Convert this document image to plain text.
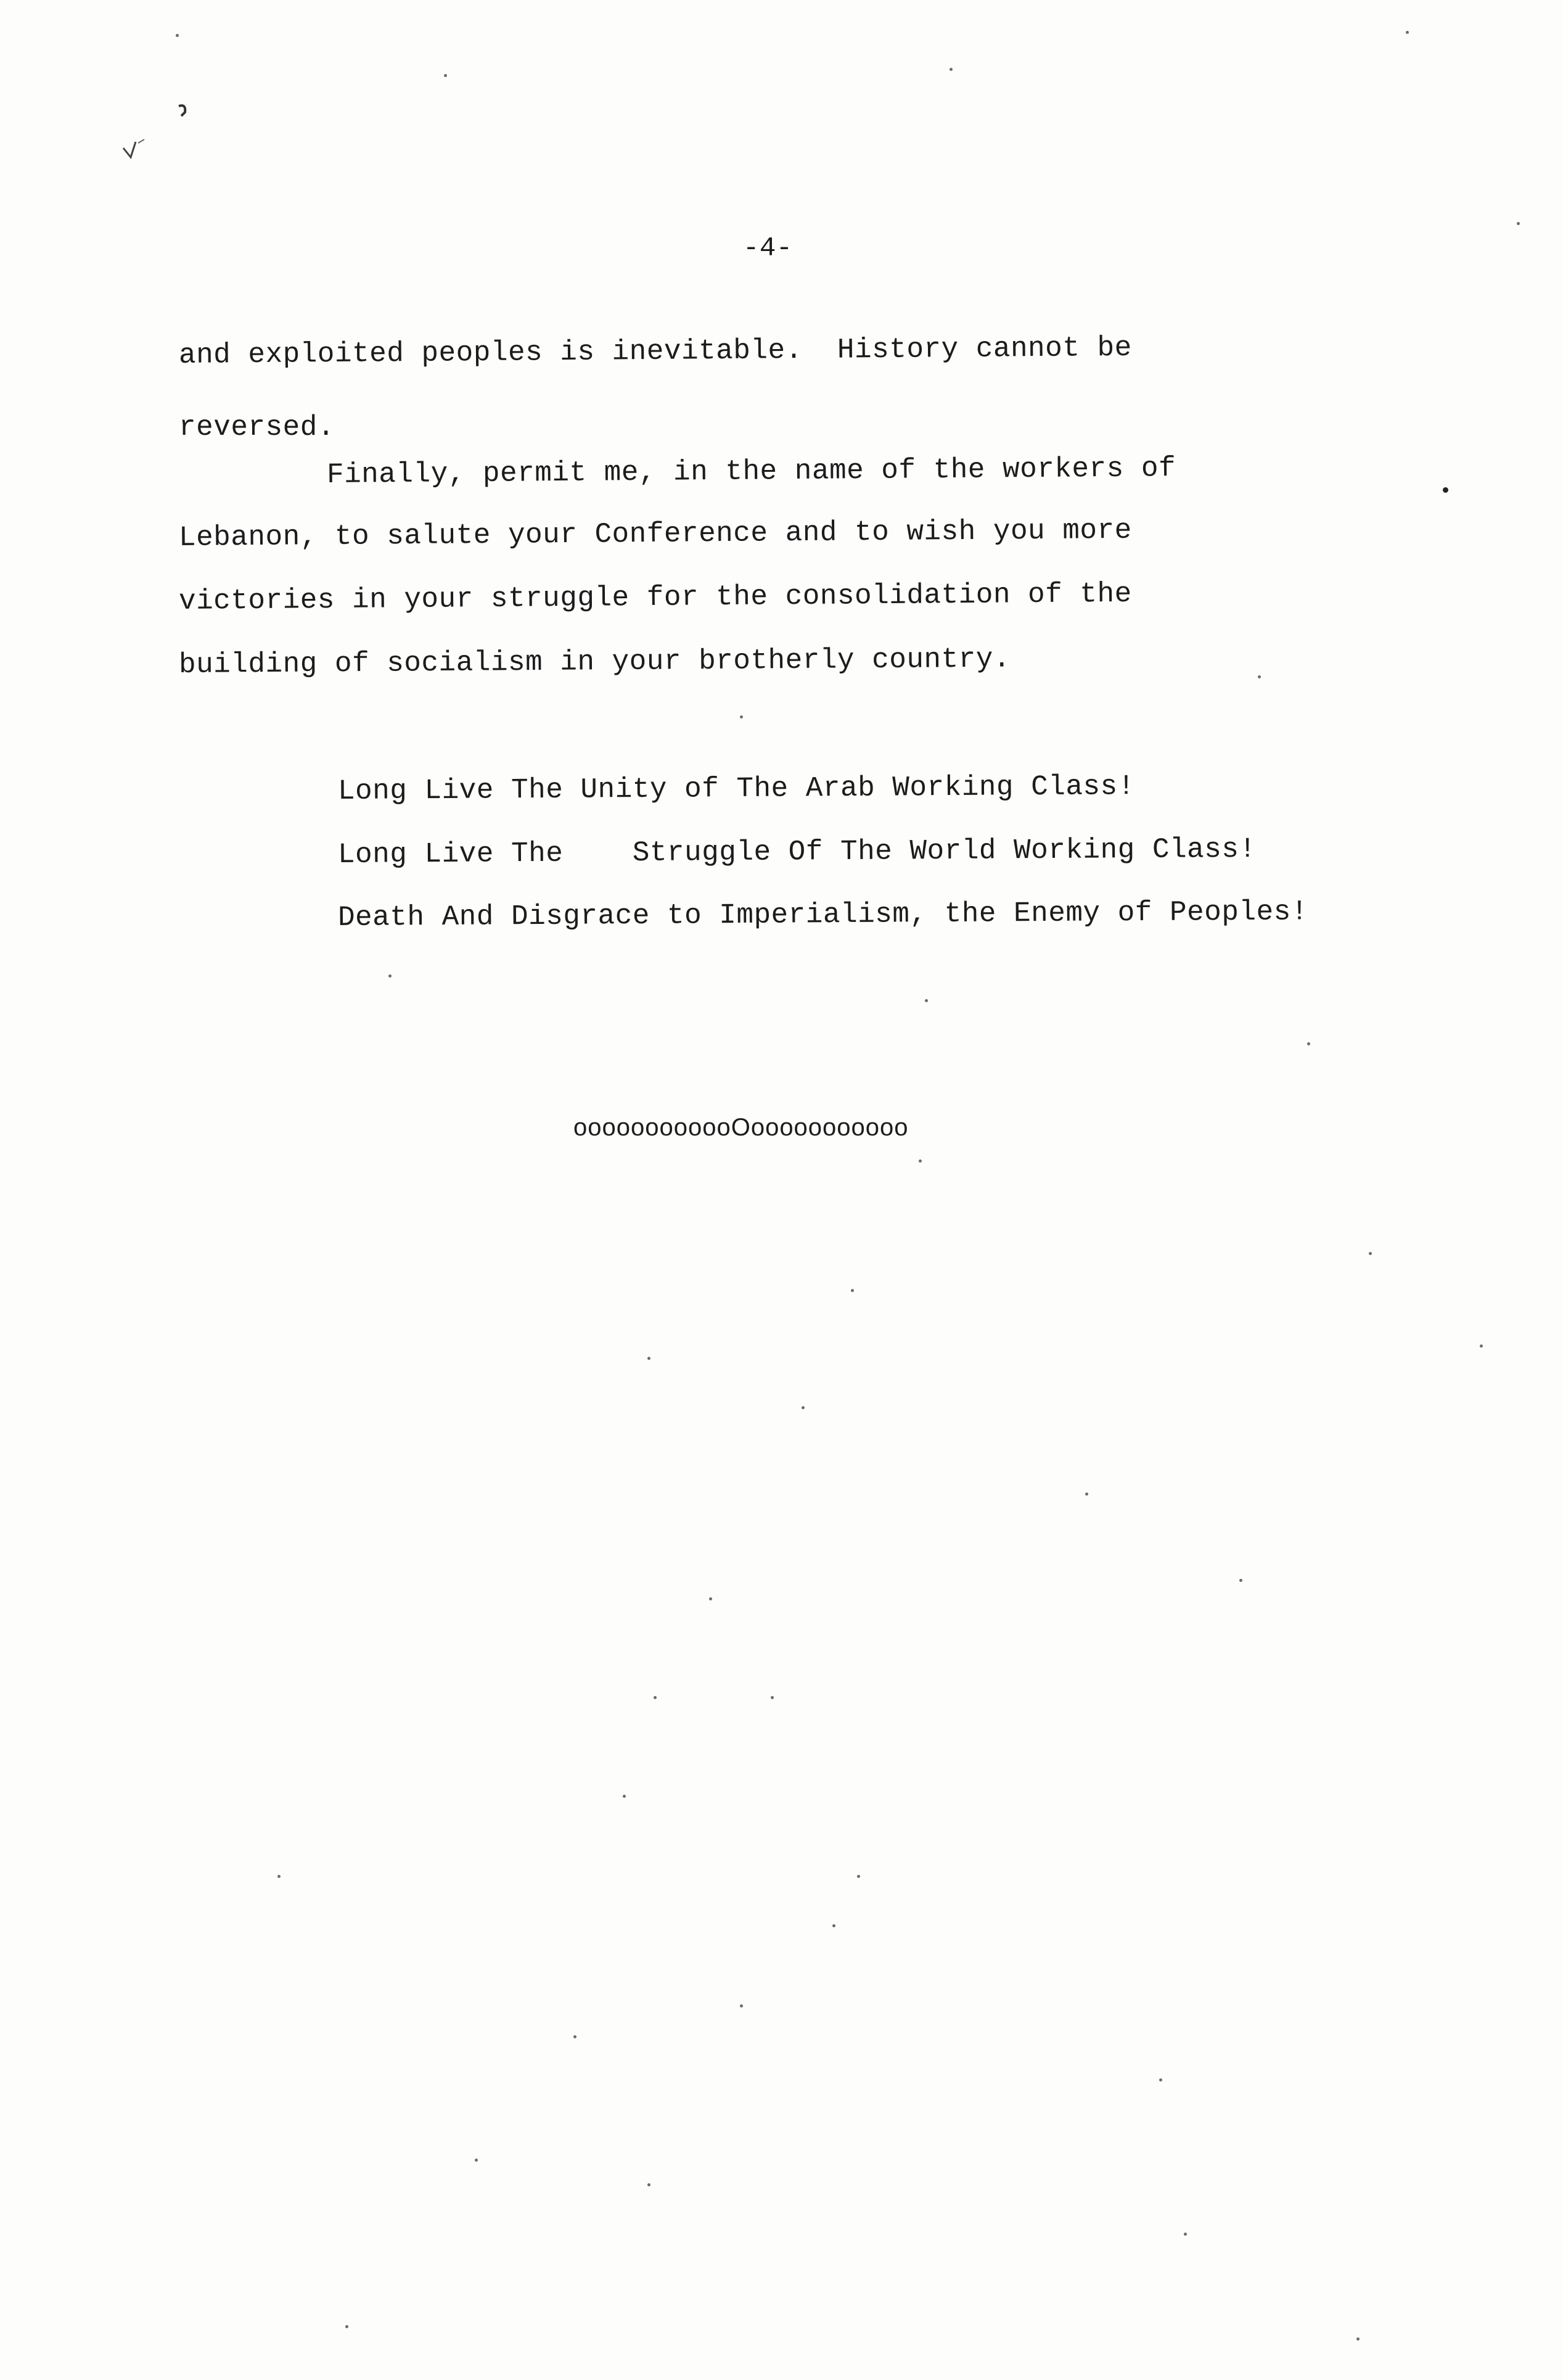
-4-
and exploited peoples is inevitable.  History cannot be
reversed.
Finally, permit me, in the name of the workers of
Lebanon, to salute your Conference and to wish you more
victories in your struggle for the consolidation of the
building of socialism in your brotherly country.
Long Live The Unity of The Arab Working Class!
Long Live The    Struggle Of The World Working Class!
Death And Disgrace to Imperialism, the Enemy of Peoples!
oooooooooooOooooooooooo
